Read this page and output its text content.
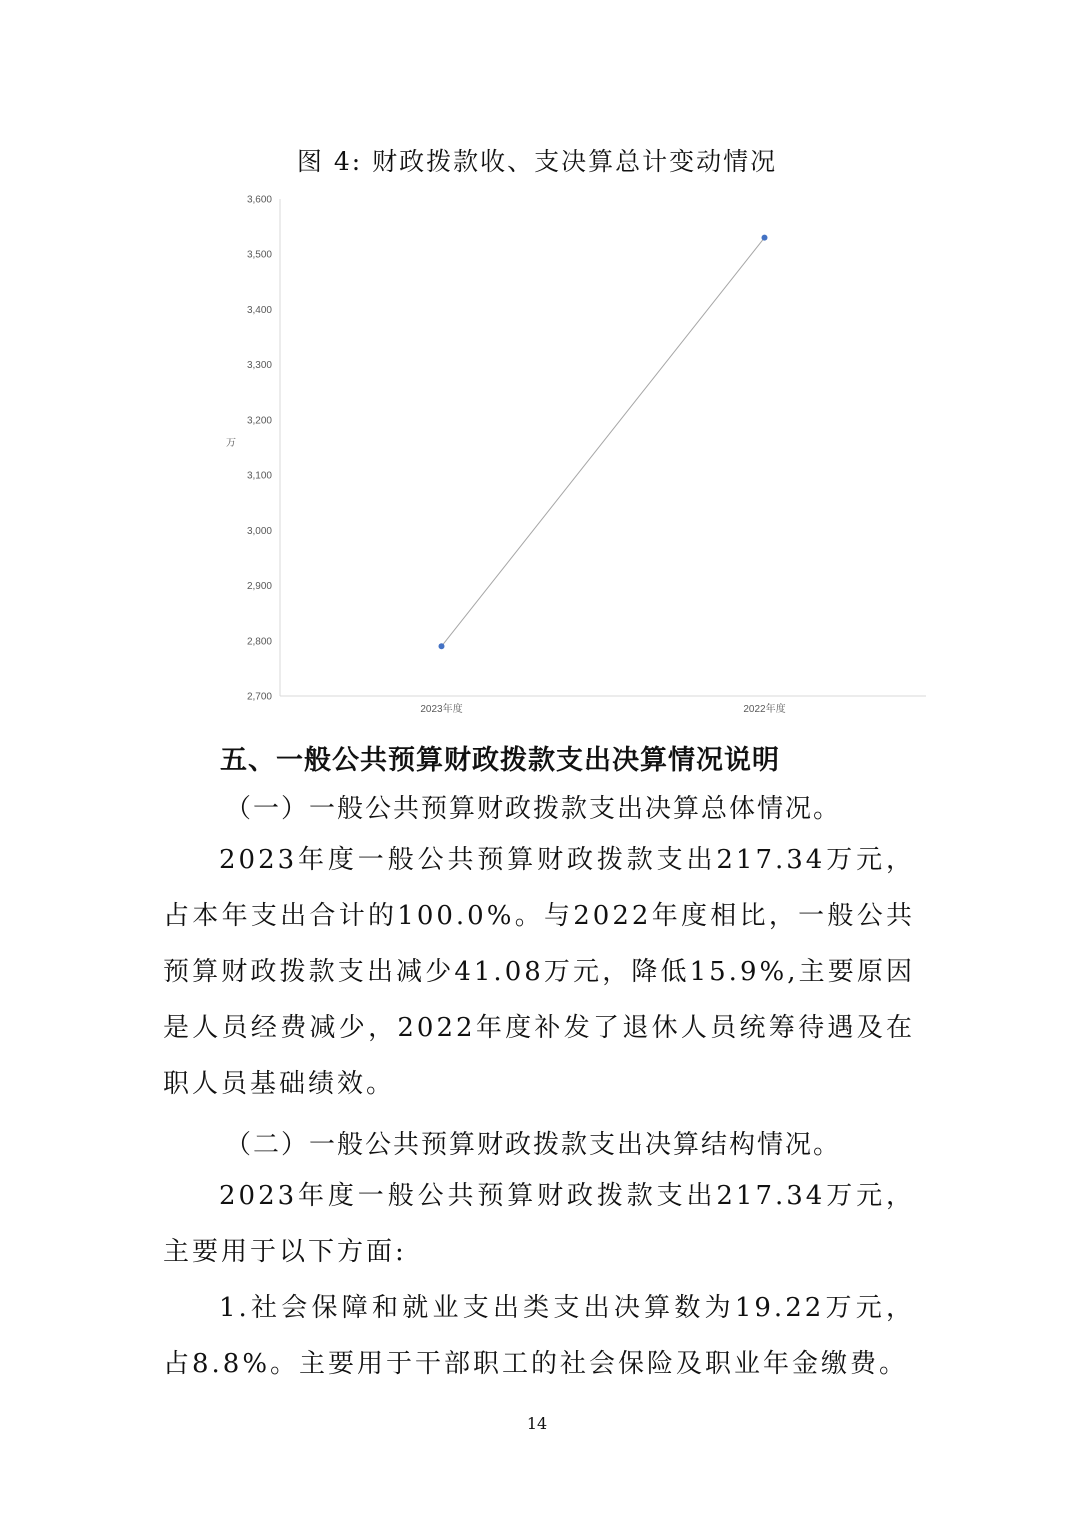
图 4: 财政拨款收、支决算总计变动情况
2,700
2,800
2,900
3,000
3,100
3,200
3,300
3,400
3,500
3,600
万
2023年度	2022年度
五、一般公共预算财政拨款支出决算情况说明
（一）一般公共预算财政拨款支出决算总体情况。
2023年度一般公共预算财政拨款支出217.34万元，占本年支出合计的100.0%。与2022年度相比，一般公共预算财政拨款支出减少41.08万元，降低15.9%,主要原因是人员经费减少，2022年度补发了退休人员统筹待遇及在职人员基础绩效。
（二）一般公共预算财政拨款支出决算结构情况。
2023年度一般公共预算财政拨款支出217.34万元，主要用于以下方面:
1.社会保障和就业支出类支出决算数为19.22万元，占8.8%。主要用于干部职工的社会保险及职业年金缴费。
14
